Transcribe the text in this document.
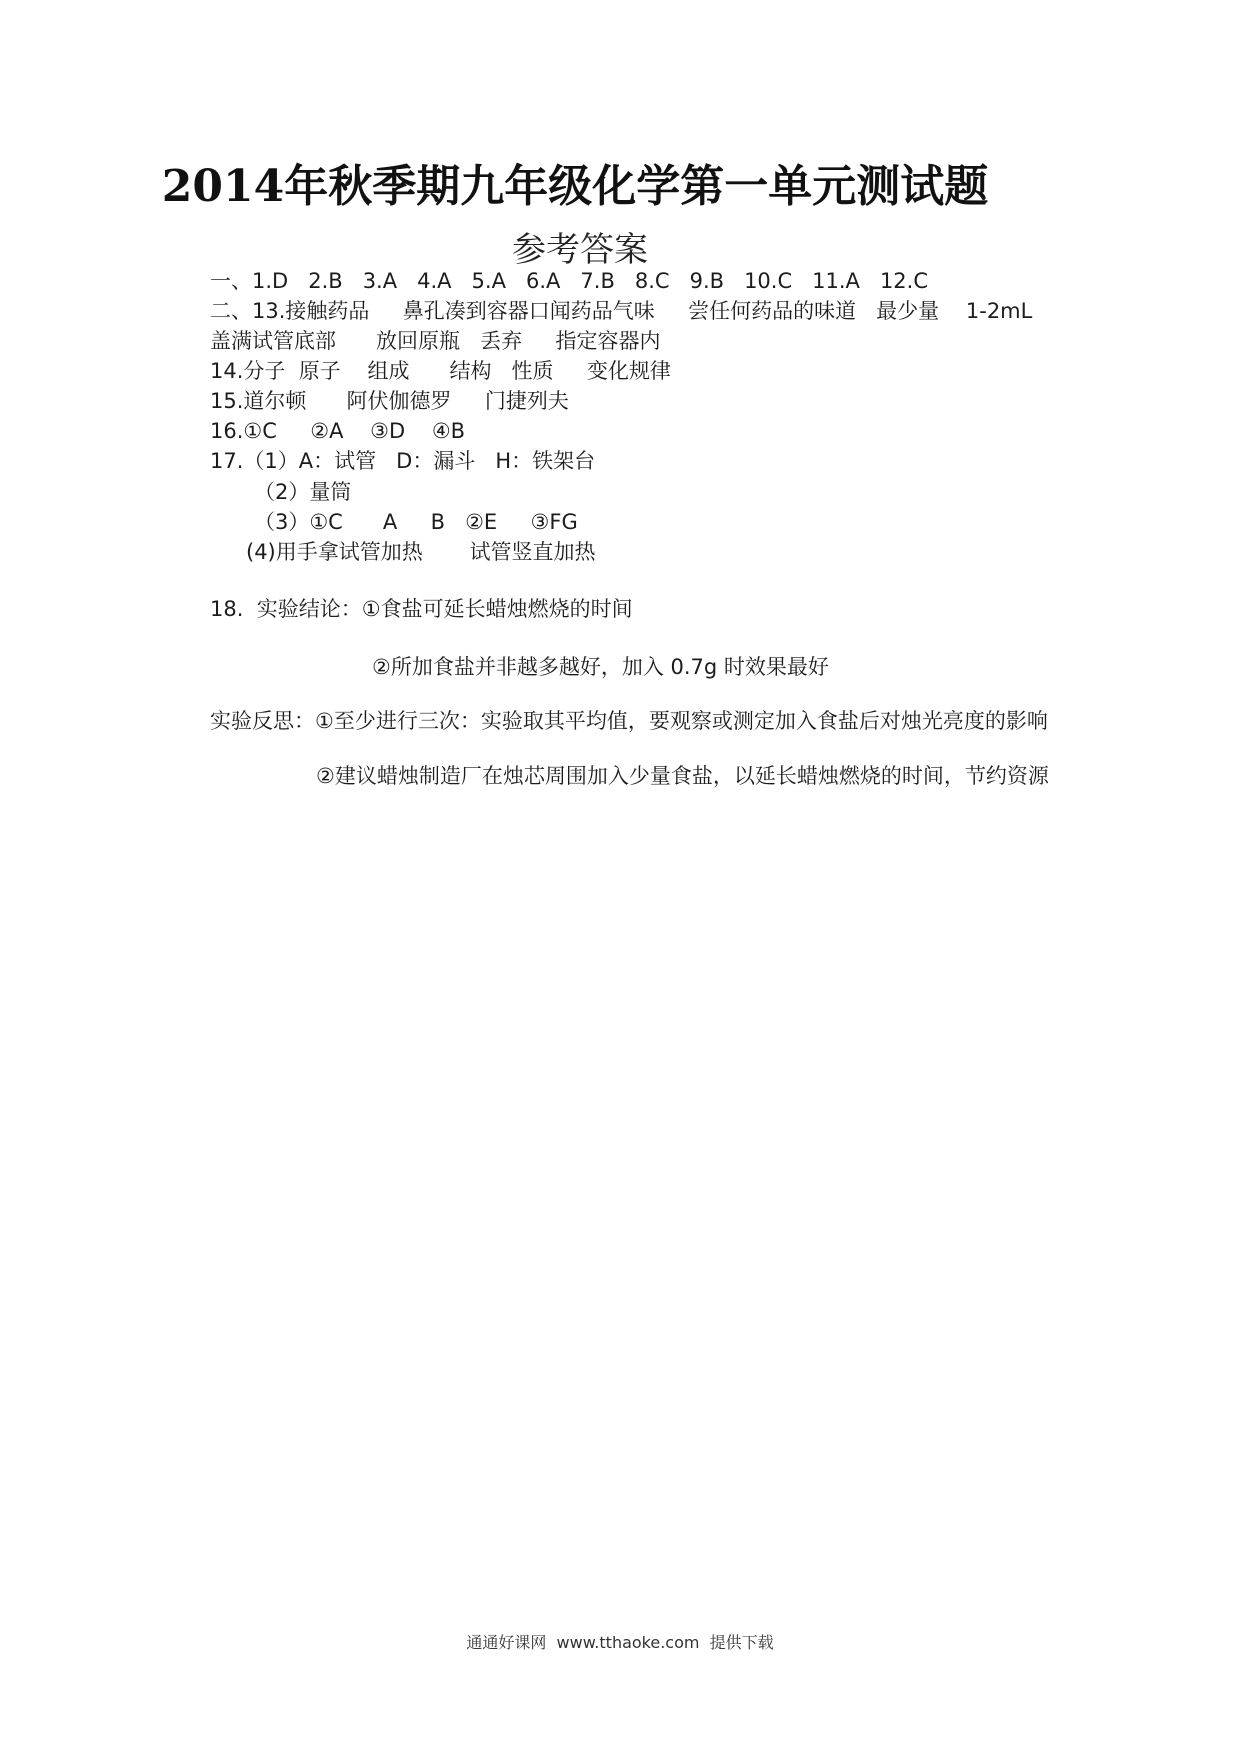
2014年秋季期九年级化学第一单元测试题
参考答案
一、1.D   2.B   3.A   4.A   5.A   6.A   7.B   8.C   9.B   10.C   11.A   12.C
二、13.接触药品     鼻孔凑到容器口闻药品气味     尝任何药品的味道   最少量    1-2mL
盖满试管底部      放回原瓶   丢弃     指定容器内
14.分子  原子    组成      结构   性质     变化规律
15.道尔顿      阿伏伽德罗     门捷列夫
16.①C     ②A    ③D    ④B
17.（1）A：试管   D：漏斗   H：铁架台
（2）量筒
（3）①C      A     B   ②E     ③FG
(4)用手拿试管加热       试管竖直加热
18.  实验结论：①食盐可延长蜡烛燃烧的时间
②所加食盐并非越多越好，加入 0.7g 时效果最好
实验反思：①至少进行三次：实验取其平均值，要观察或测定加入食盐后对烛光亮度的影响
②建议蜡烛制造厂在烛芯周围加入少量食盐，以延长蜡烛燃烧的时间，节约资源
通通好课网  www.tthaoke.com  提供下载
